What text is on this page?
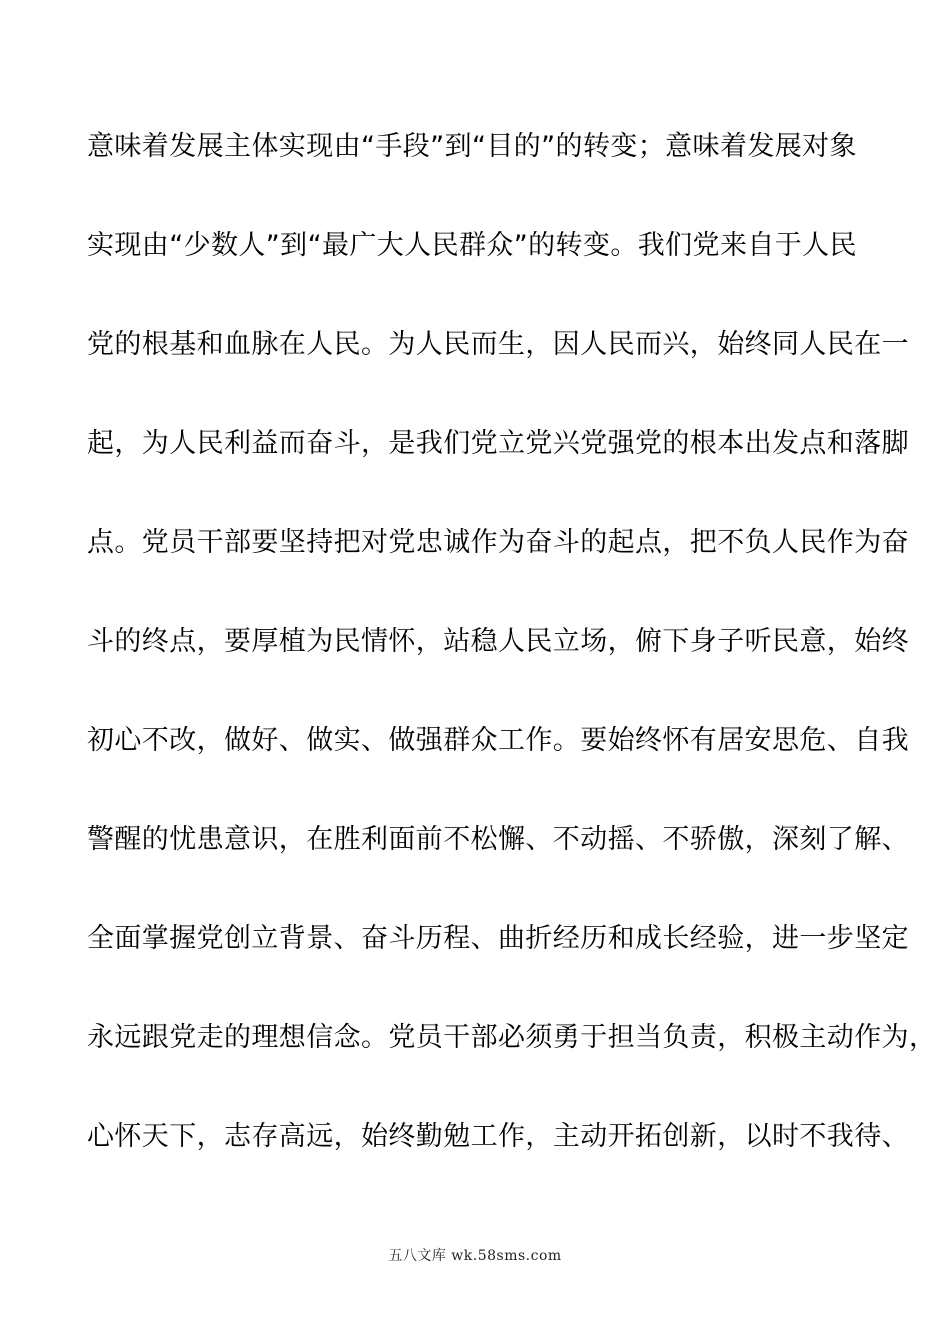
意味着发展主体实现由“手段”到“目的”的转变；意味着发展对象
实现由“少数人”到“最广大人民群众”的转变。我们党来自于人民
党的根基和血脉在人民。为人民而生，因人民而兴，始终同人民在一
起，为人民利益而奋斗，是我们党立党兴党强党的根本出发点和落脚
点。党员干部要坚持把对党忠诚作为奋斗的起点，把不负人民作为奋
斗的终点，要厚植为民情怀，站稳人民立场，俯下身子听民意，始终
初心不改，做好、做实、做强群众工作。要始终怀有居安思危、自我
警醒的忧患意识，在胜利面前不松懈、不动摇、不骄傲，深刻了解、
全面掌握党创立背景、奋斗历程、曲折经历和成长经验，进一步坚定
永远跟党走的理想信念。党员干部必须勇于担当负责，积极主动作为，
心怀天下，志存高远，始终勤勉工作，主动开拓创新，以时不我待、
五八文库 wk.58sms.com
